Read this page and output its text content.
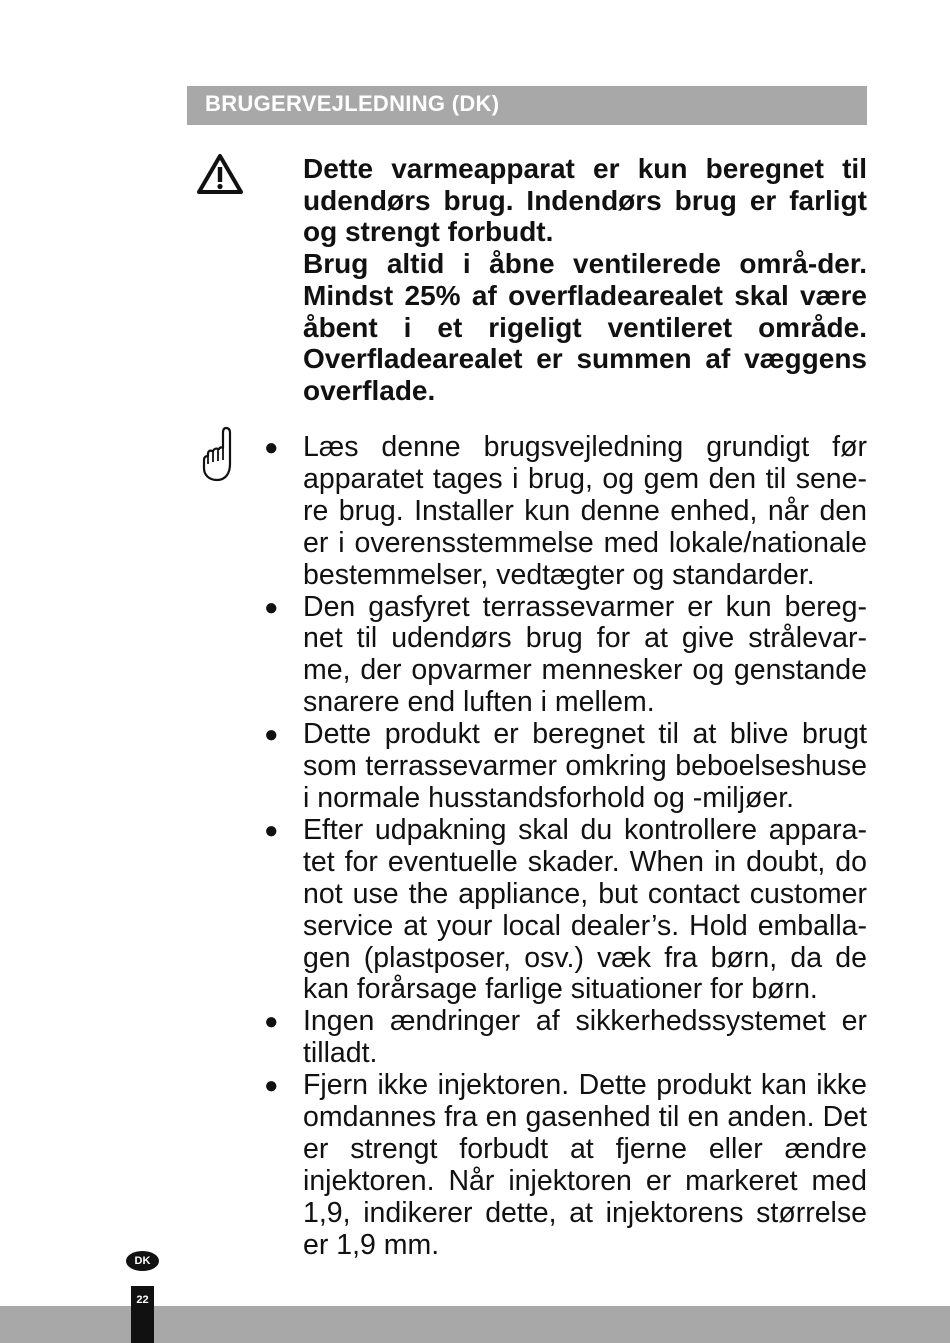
BRUGERVEJLEDNING (DK)

Dette varmeapparat er kun beregnet til udendørs brug. Indendørs brug er farligt og strengt forbudt.

Brug altid i åbne ventilerede områ-der. Mindst 25% af overfladearealet skal være åbent i et rigeligt ventileret område. Overfladearealet er summen af væggens overflade.

● Læs denne brugsvejledning grundigt før apparatet tages i brug, og gem den til sene-re brug. Installer kun denne enhed, når den er i overensstemmelse med lokale/nationale bestemmelser, vedtægter og standarder.
● Den gasfyret terrassevarmer er kun bereg-net til udendørs brug for at give strålevar-me, der opvarmer mennesker og genstande snarere end luften i mellem.
● Dette produkt er beregnet til at blive brugt som terrassevarmer omkring beboelseshuse i normale husstandsforhold og -miljøer.
● Efter udpakning skal du kontrollere appara-tet for eventuelle skader. When in doubt, do not use the appliance, but contact customer service at your local dealer’s. Hold emballa-gen (plastposer, osv.) væk fra børn, da de kan forårsage farlige situationer for børn.
● Ingen ændringer af sikkerhedssystemet er tilladt.
● Fjern ikke injektoren. Dette produkt kan ikke omdannes fra en gasenhed til en anden. Det er strengt forbudt at fjerne eller ændre injektoren. Når injektoren er markeret med 1,9, indikerer dette, at injektorens størrelse er 1,9 mm.
DK
22
